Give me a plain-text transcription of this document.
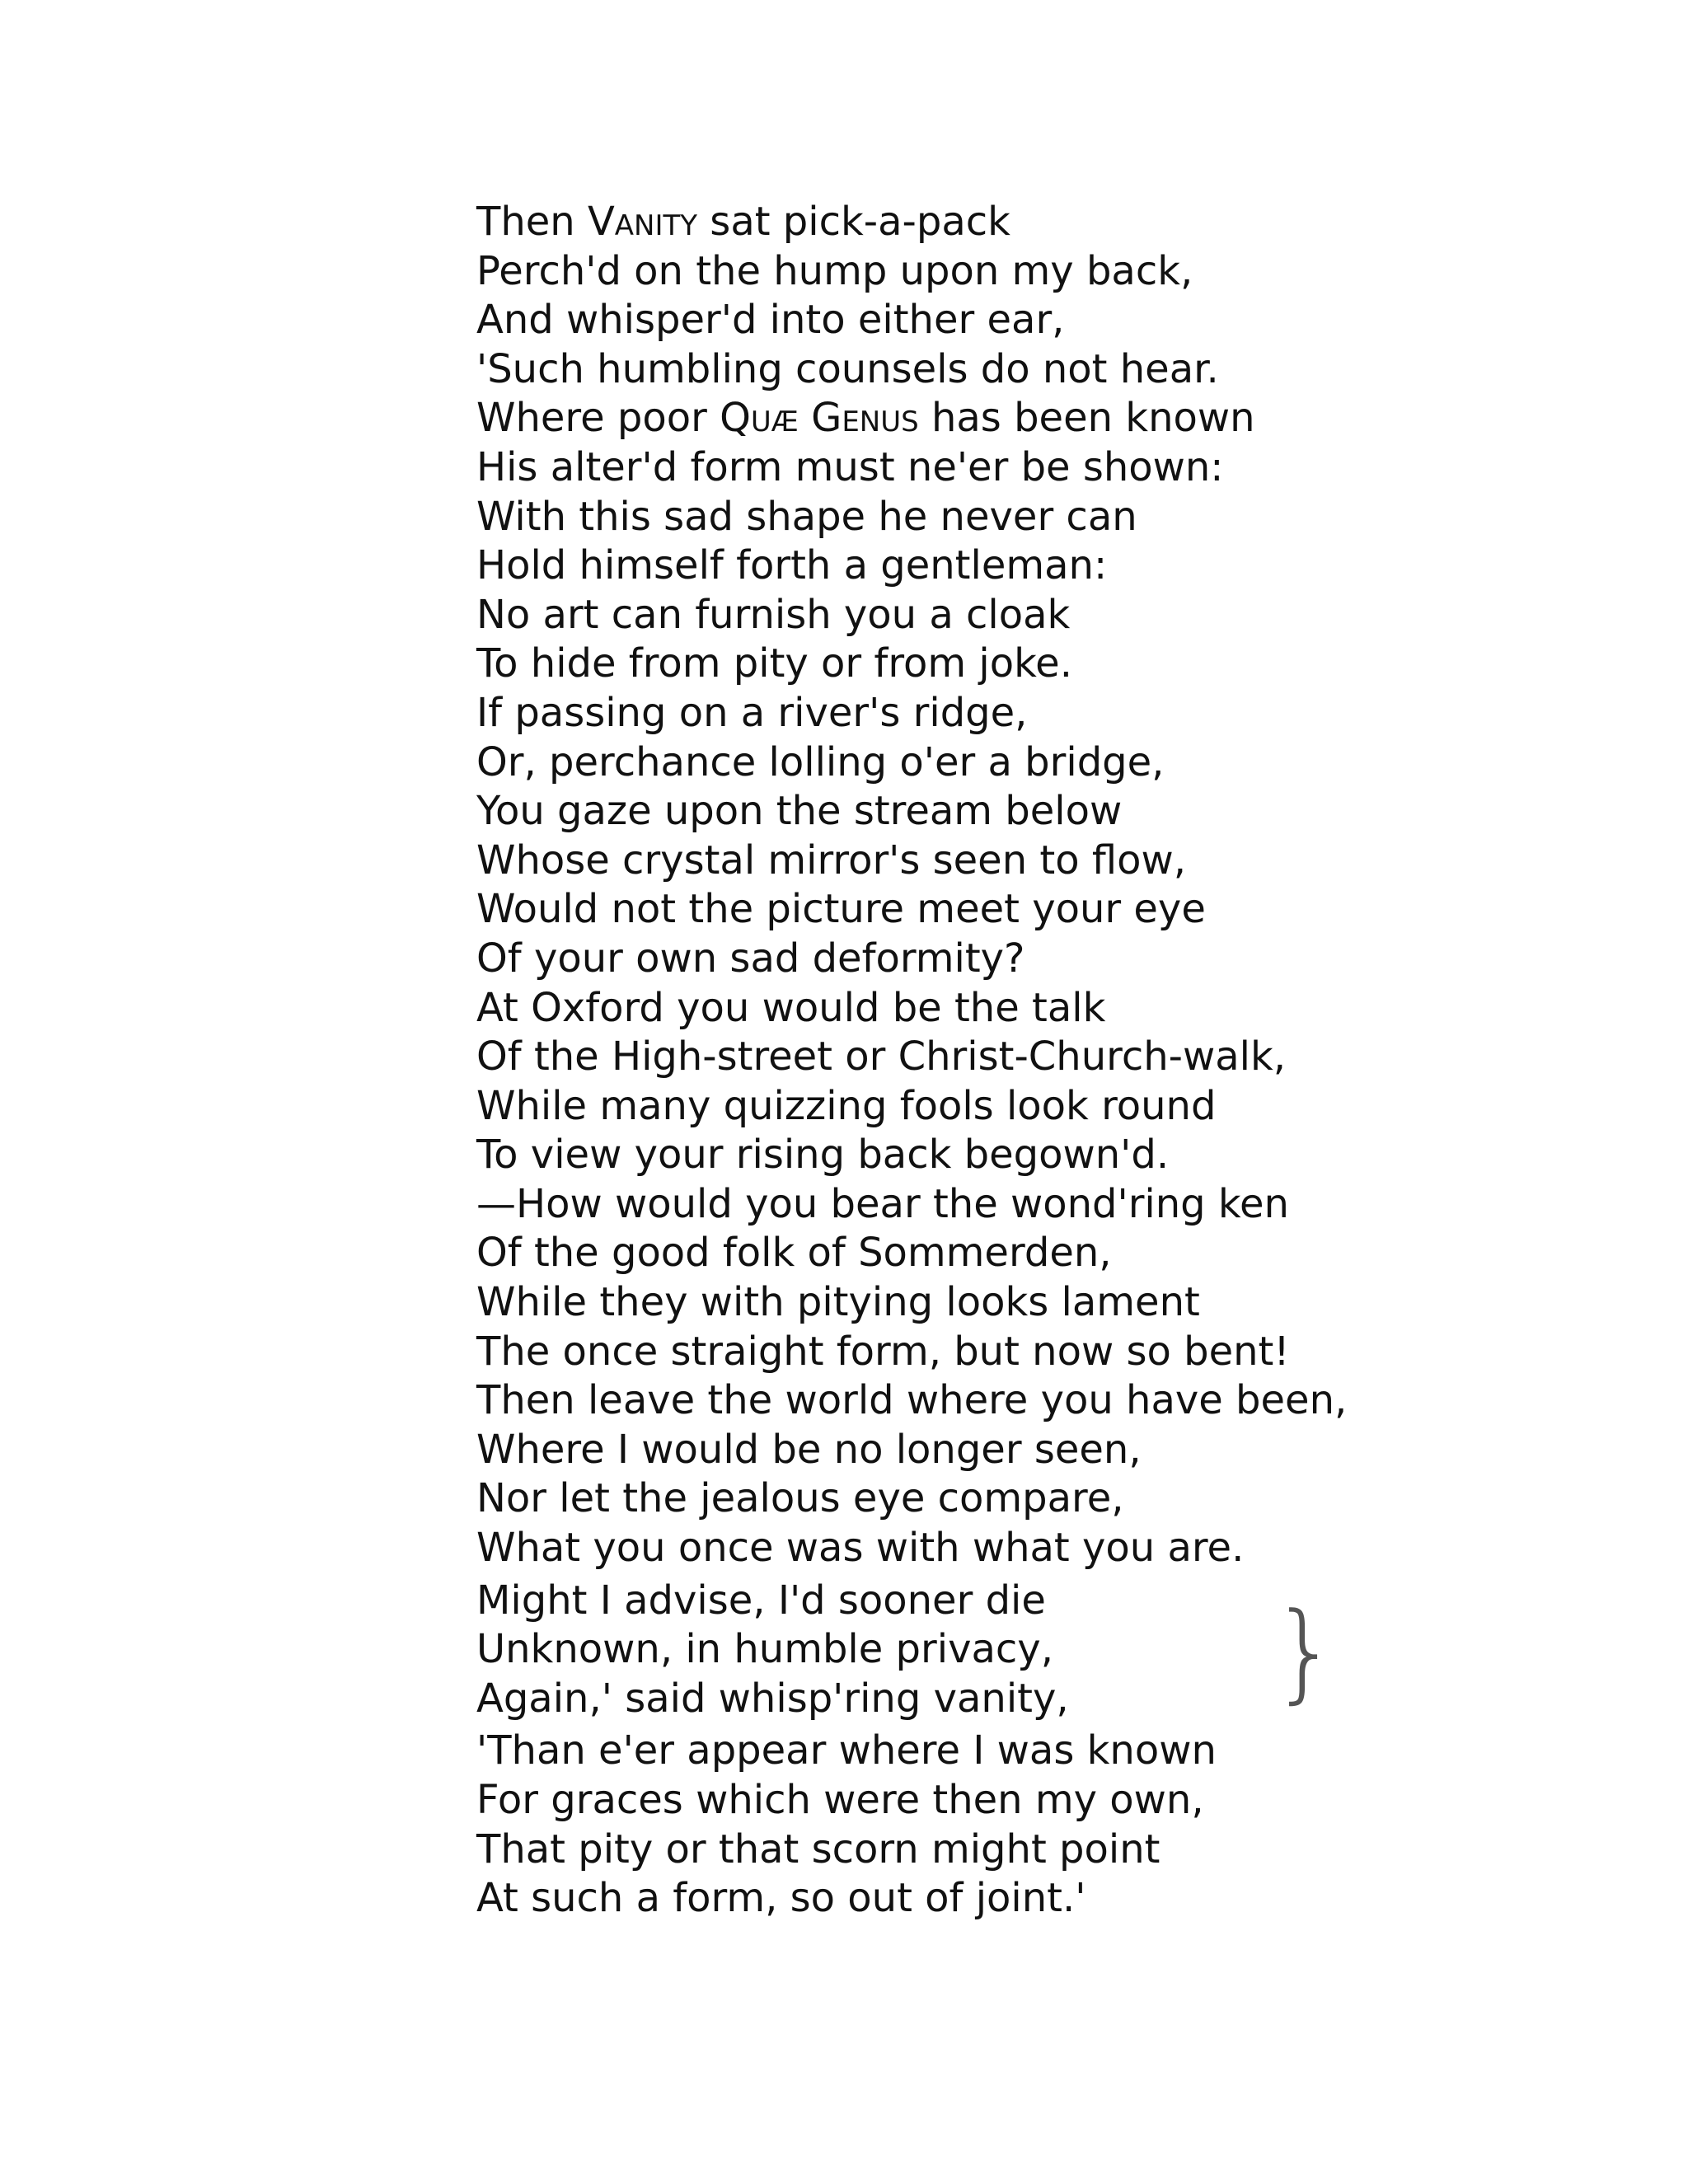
Then Vanity sat pick-a-pack
Perch'd on the hump upon my back,
And whisper'd into either ear,
'Such humbling counsels do not hear.
Where poor Quæ Genus has been known
His alter'd form must ne'er be shown:
With this sad shape he never can
Hold himself forth a gentleman:
No art can furnish you a cloak
To hide from pity or from joke.
If passing on a river's ridge,
Or, perchance lolling o'er a bridge,
You gaze upon the stream below
Whose crystal mirror's seen to flow,
Would not the picture meet your eye
Of your own sad deformity?
At Oxford you would be the talk
Of the High-street or Christ-Church-walk,
While many quizzing fools look round
To view your rising back begown'd.
—How would you bear the wond'ring ken
Of the good folk of Sommerden,
While they with pitying looks lament
The once straight form, but now so bent!
Then leave the world where you have been,
Where I would be no longer seen,
Nor let the jealous eye compare,
What you once was with what you are.
}
Might I advise, I'd sooner die
Unknown, in humble privacy,
Again,' said whisp'ring vanity,
'Than e'er appear where I was known
For graces which were then my own,
That pity or that scorn might point
At such a form, so out of joint.'
